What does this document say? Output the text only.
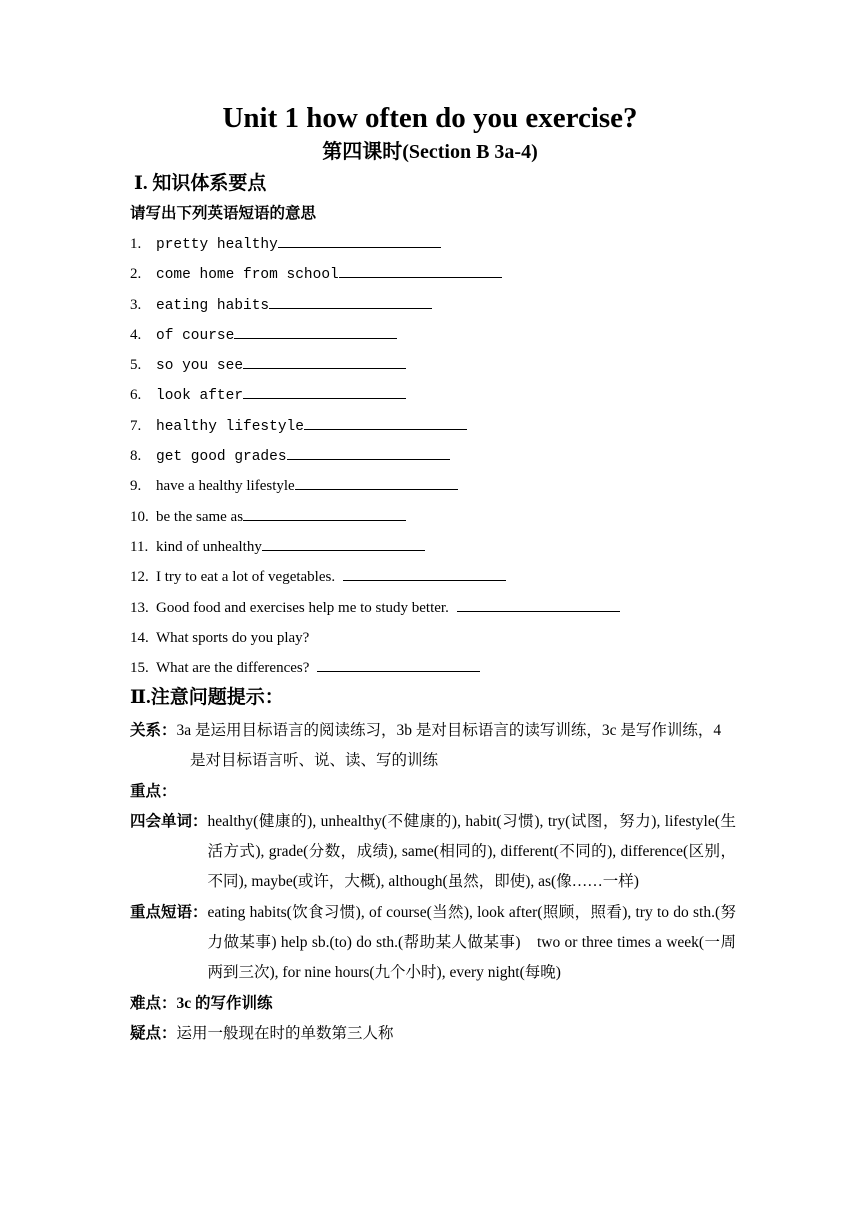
Unit 1 how often do you exercise?
第四课时(Section B 3a-4)
Ⅰ. 知识体系要点
请写出下列英语短语的意思
1. pretty healthy
2. come home from school
3. eating habits
4. of course
5. so you see
6. look after
7. healthy lifestyle
8. get good grades
9. have a healthy lifestyle
10. be the same as
11. kind of unhealthy
12. I try to eat a lot of vegetables.
13. Good food and exercises help me to study better.
14. What sports do you play?
15. What are the differences?
Ⅱ.注意问题提示：
关系：3a 是运用目标语言的阅读练习，3b 是对目标语言的读写训练，3c 是写作训练，4 是对目标语言听、说、读、写的训练
重点：
四会单词： healthy(健康的), unhealthy(不健康的), habit(习惯), try(试图，努力), lifestyle(生活方式), grade(分数，成绩), same(相同的), different(不同的), difference(区别，不同), maybe(或许，大概), although(虽然，即使), as(像……一样)
重点短语： eating habits(饮食习惯), of course(当然), look after(照顾，照看), try to do sth.(努力做某事) help sb.(to) do sth.(帮助某人做某事)　two or three times a week(一周两到三次), for nine hours(九个小时), every night(每晚)
难点：3c 的写作训练
疑点：运用一般现在时的单数第三人称
